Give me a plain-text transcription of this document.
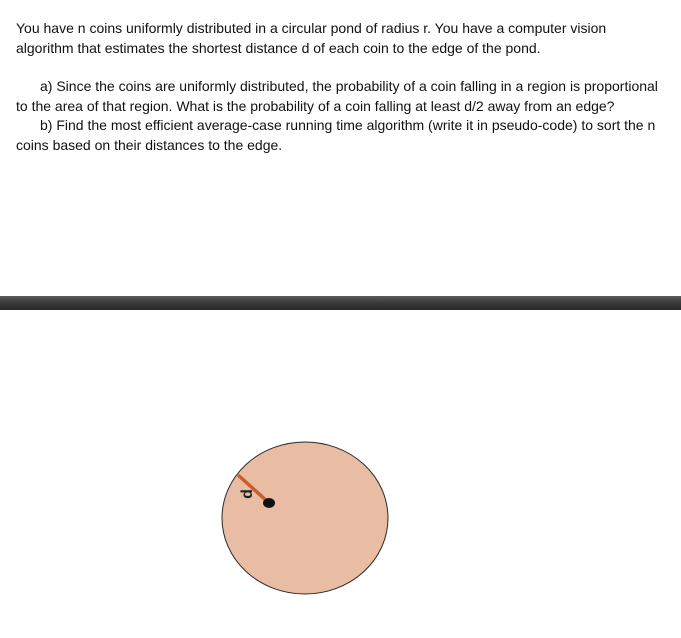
You have n coins uniformly distributed in a circular pond of radius r. You have a computer vision algorithm that estimates the shortest distance d of each coin to the edge of the pond.

a) Since the coins are uniformly distributed, the probability of a coin falling in a region is proportional to the area of that region. What is the probability of a coin falling at least d/2 away from an edge?

b) Find the most efficient average-case running time algorithm (write it in pseudo-code) to sort the n coins based on their distances to the edge.

d
